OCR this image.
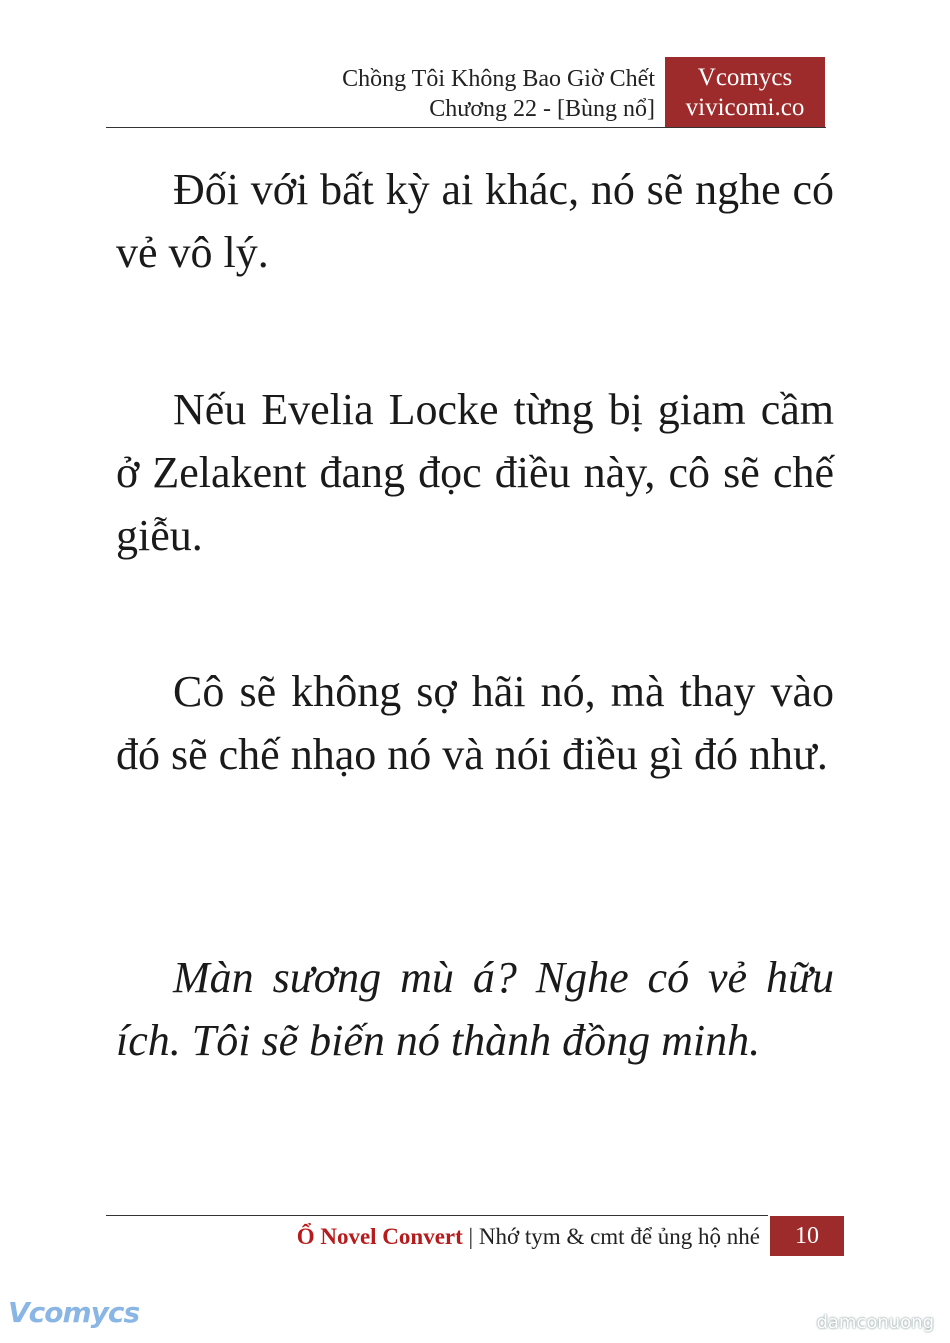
Chồng Tôi Không Bao Giờ Chết
Chương 22 - [Bùng nổ]
Vcomycs
vivicomi.co
Đối với bất kỳ ai khác, nó sẽ nghe có vẻ vô lý.
Nếu Evelia Locke từng bị giam cầm ở Zelakent đang đọc điều này, cô sẽ chế giễu.
Cô sẽ không sợ hãi nó, mà thay vào đó sẽ chế nhạo nó và nói điều gì đó như.
Màn sương mù á? Nghe có vẻ hữu ích. Tôi sẽ biến nó thành đồng minh.
Ổ Novel Convert | Nhớ tym & cmt để ủng hộ nhé	10
Vcomycs	damconuong
